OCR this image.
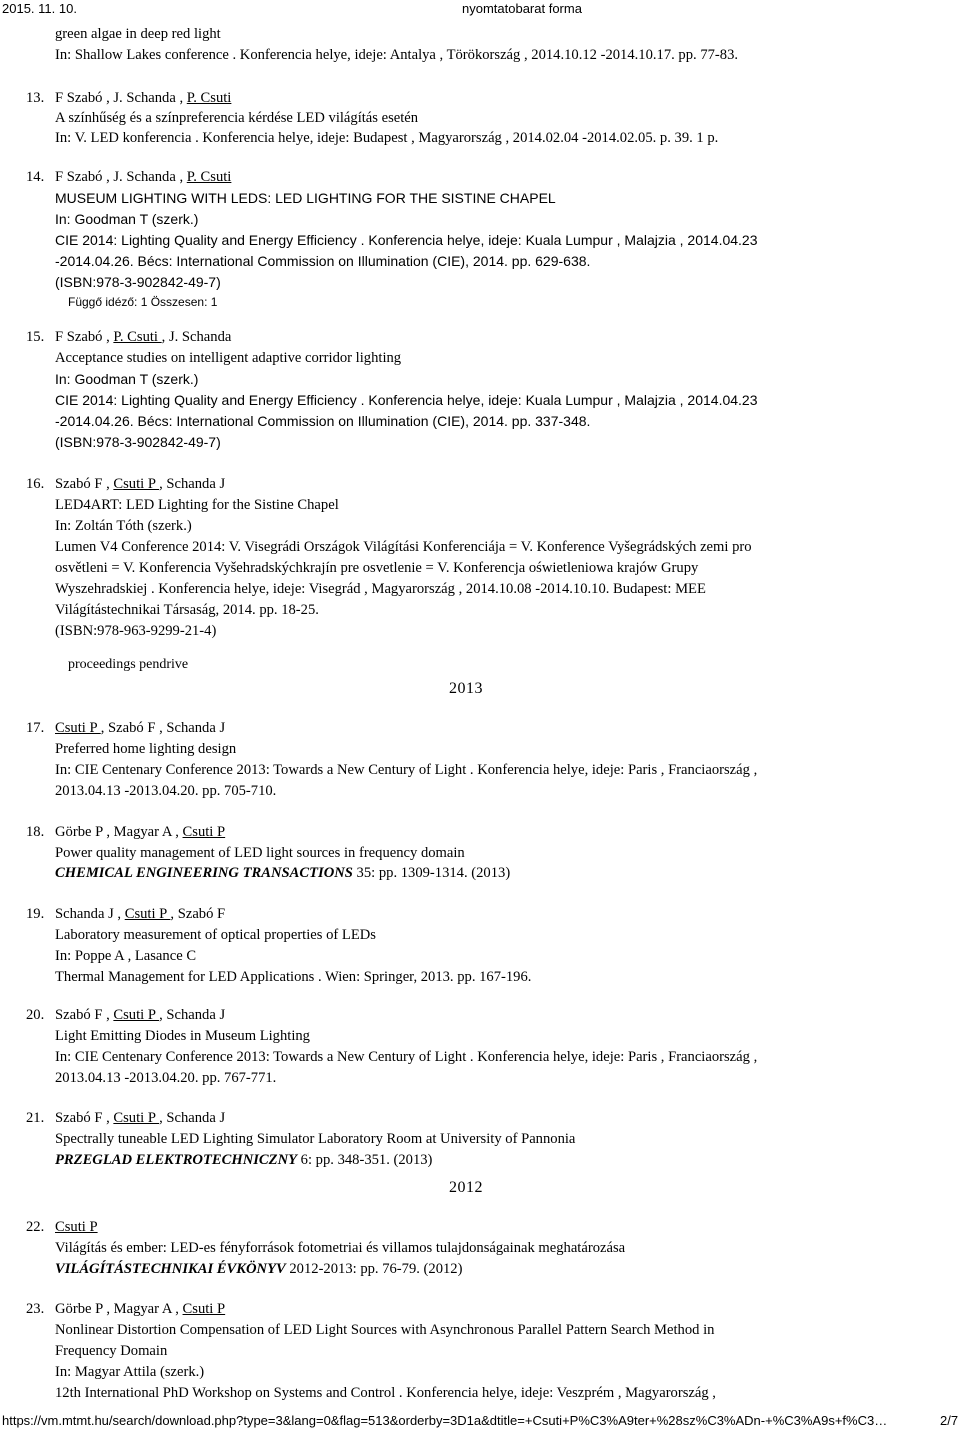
2015. 11. 10.	nyomtatobarat forma
https://vm.mtmt.hu/search/download.php?type=3&lang=0&flag=513&orderby=3D1a&dtitle=+Csuti+P%C3%A9ter+%28sz%C3%ADn-+%C3%A9s+f%C3…	2/7
green algae in deep red light
In: Shallow Lakes conference . Konferencia helye, ideje: Antalya , Törökország , 2014.10.12 -2014.10.17. pp. 77-83.
13. F Szabó , J. Schanda , P. Csuti
A színhűség és a színpreferencia kérdése LED világítás esetén
In: V. LED konferencia . Konferencia helye, ideje: Budapest , Magyarország , 2014.02.04 -2014.02.05. p. 39. 1 p.
14. F Szabó , J. Schanda , P. Csuti
MUSEUM LIGHTING WITH LEDS: LED LIGHTING FOR THE SISTINE CHAPEL
In: Goodman T (szerk.)
CIE 2014: Lighting Quality and Energy Efficiency . Konferencia helye, ideje: Kuala Lumpur , Malajzia , 2014.04.23
-2014.04.26. Bécs: International Commission on Illumination (CIE), 2014. pp. 629-638.
(ISBN:978-3-902842-49-7)
Függő idéző: 1 Összesen: 1
15. F Szabó , P. Csuti , J. Schanda
Acceptance studies on intelligent adaptive corridor lighting
In: Goodman T (szerk.)
CIE 2014: Lighting Quality and Energy Efficiency . Konferencia helye, ideje: Kuala Lumpur , Malajzia , 2014.04.23
-2014.04.26. Bécs: International Commission on Illumination (CIE), 2014. pp. 337-348.
(ISBN:978-3-902842-49-7)
16. Szabó F , Csuti P , Schanda J
LED4ART: LED Lighting for the Sistine Chapel
In: Zoltán Tóth (szerk.)
Lumen V4 Conference 2014: V. Visegrádi Országok Világítási Konferenciája = V. Konference Vyšegrádských zemi pro
osvětleni = V. Konferencia Vyšehradskýchkrajín pre osvetlenie = V. Konferencja oświetleniowa krajów Grupy
Wyszehradskiej . Konferencia helye, ideje: Visegrád , Magyarország , 2014.10.08 -2014.10.10. Budapest: MEE
Világítástechnikai Társaság, 2014. pp. 18-25.
(ISBN:978-963-9299-21-4)
proceedings pendrive
2013
17. Csuti P , Szabó F , Schanda J
Preferred home lighting design
In: CIE Centenary Conference 2013: Towards a New Century of Light . Konferencia helye, ideje: Paris , Franciaország ,
2013.04.13 -2013.04.20. pp. 705-710.
18. Görbe P , Magyar A , Csuti P
Power quality management of LED light sources in frequency domain
CHEMICAL ENGINEERING TRANSACTIONS 35: pp. 1309-1314. (2013)
19. Schanda J , Csuti P , Szabó F
Laboratory measurement of optical properties of LEDs
In: Poppe A , Lasance C
Thermal Management for LED Applications . Wien: Springer, 2013. pp. 167-196.
20. Szabó F , Csuti P , Schanda J
Light Emitting Diodes in Museum Lighting
In: CIE Centenary Conference 2013: Towards a New Century of Light . Konferencia helye, ideje: Paris , Franciaország ,
2013.04.13 -2013.04.20. pp. 767-771.
21. Szabó F , Csuti P , Schanda J
Spectrally tuneable LED Lighting Simulator Laboratory Room at University of Pannonia
PRZEGLAD ELEKTROTECHNICZNY 6: pp. 348-351. (2013)
2012
22. Csuti P
Világítás és ember: LED-es fényforrások fotometriai és villamos tulajdonságainak meghatározása
VILÁGÍTÁSTECHNIKAI ÉVKÖNYV 2012-2013: pp. 76-79. (2012)
23. Görbe P , Magyar A , Csuti P
Nonlinear Distortion Compensation of LED Light Sources with Asynchronous Parallel Pattern Search Method in
Frequency Domain
In: Magyar Attila (szerk.)
12th International PhD Workshop on Systems and Control . Konferencia helye, ideje: Veszprém , Magyarország ,
